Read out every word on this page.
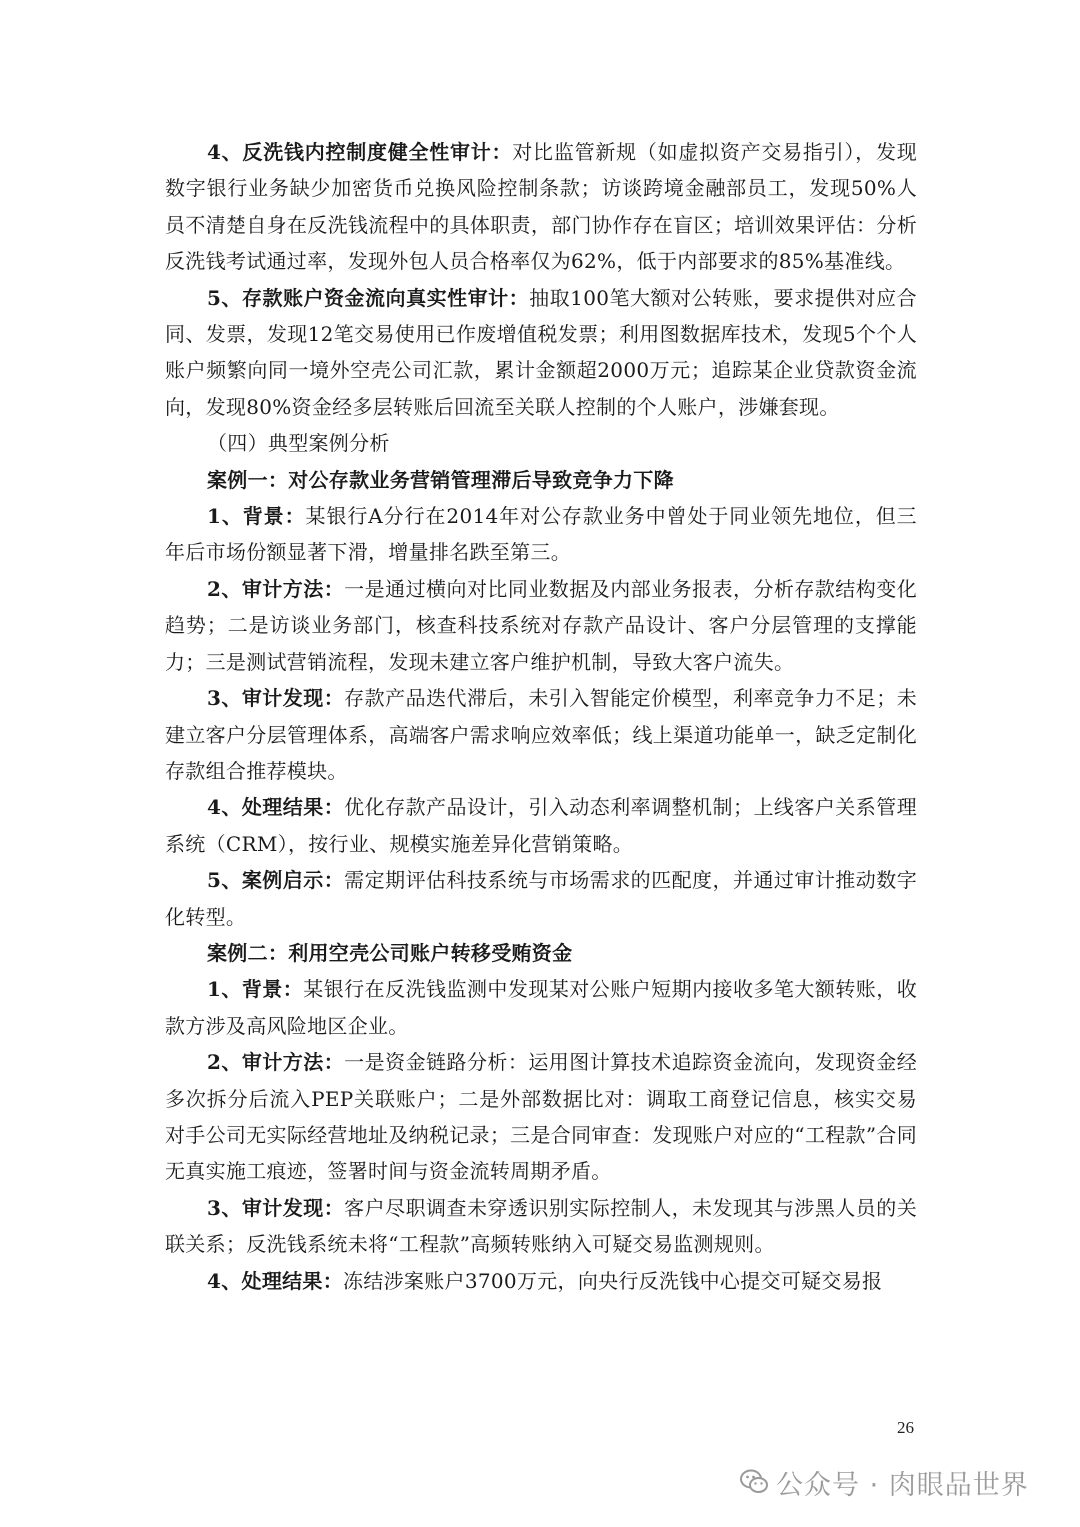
4、反洗钱内控制度健全性审计：对比监管新规（如虚拟资产交易指引），发现数字银行业务缺少加密货币兑换风险控制条款；访谈跨境金融部员工，发现50%人员不清楚自身在反洗钱流程中的具体职责，部门协作存在盲区；培训效果评估：分析反洗钱考试通过率，发现外包人员合格率仅为62%，低于内部要求的85%基准线。

5、存款账户资金流向真实性审计：抽取100笔大额对公转账，要求提供对应合同、发票，发现12笔交易使用已作废增值税发票；利用图数据库技术，发现5个个人账户频繁向同一境外空壳公司汇款，累计金额超2000万元；追踪某企业贷款资金流向，发现80%资金经多层转账后回流至关联人控制的个人账户，涉嫌套现。

（四）典型案例分析

案例一：对公存款业务营销管理滞后导致竞争力下降

1、背景：某银行A分行在2014年对公存款业务中曾处于同业领先地位，但三年后市场份额显著下滑，增量排名跌至第三。

2、审计方法：一是通过横向对比同业数据及内部业务报表，分析存款结构变化趋势；二是访谈业务部门，核查科技系统对存款产品设计、客户分层管理的支撑能力；三是测试营销流程，发现未建立客户维护机制，导致大客户流失。

3、审计发现：存款产品迭代滞后，未引入智能定价模型，利率竞争力不足；未建立客户分层管理体系，高端客户需求响应效率低；线上渠道功能单一，缺乏定制化存款组合推荐模块。

4、处理结果：优化存款产品设计，引入动态利率调整机制；上线客户关系管理系统（CRM），按行业、规模实施差异化营销策略。

5、案例启示：需定期评估科技系统与市场需求的匹配度，并通过审计推动数字化转型。

案例二：利用空壳公司账户转移受贿资金

1、背景：某银行在反洗钱监测中发现某对公账户短期内接收多笔大额转账，收款方涉及高风险地区企业。

2、审计方法：一是资金链路分析：运用图计算技术追踪资金流向，发现资金经多次拆分后流入PEP关联账户；二是外部数据比对：调取工商登记信息，核实交易对手公司无实际经营地址及纳税记录；三是合同审查：发现账户对应的“工程款”合同无真实施工痕迹，签署时间与资金流转周期矛盾。

3、审计发现：客户尽职调查未穿透识别实际控制人，未发现其与涉黑人员的关联关系；反洗钱系统未将“工程款”高频转账纳入可疑交易监测规则。

4、处理结果：冻结涉案账户3700万元，向央行反洗钱中心提交可疑交易报

26
公众号 · 肉眼品世界
